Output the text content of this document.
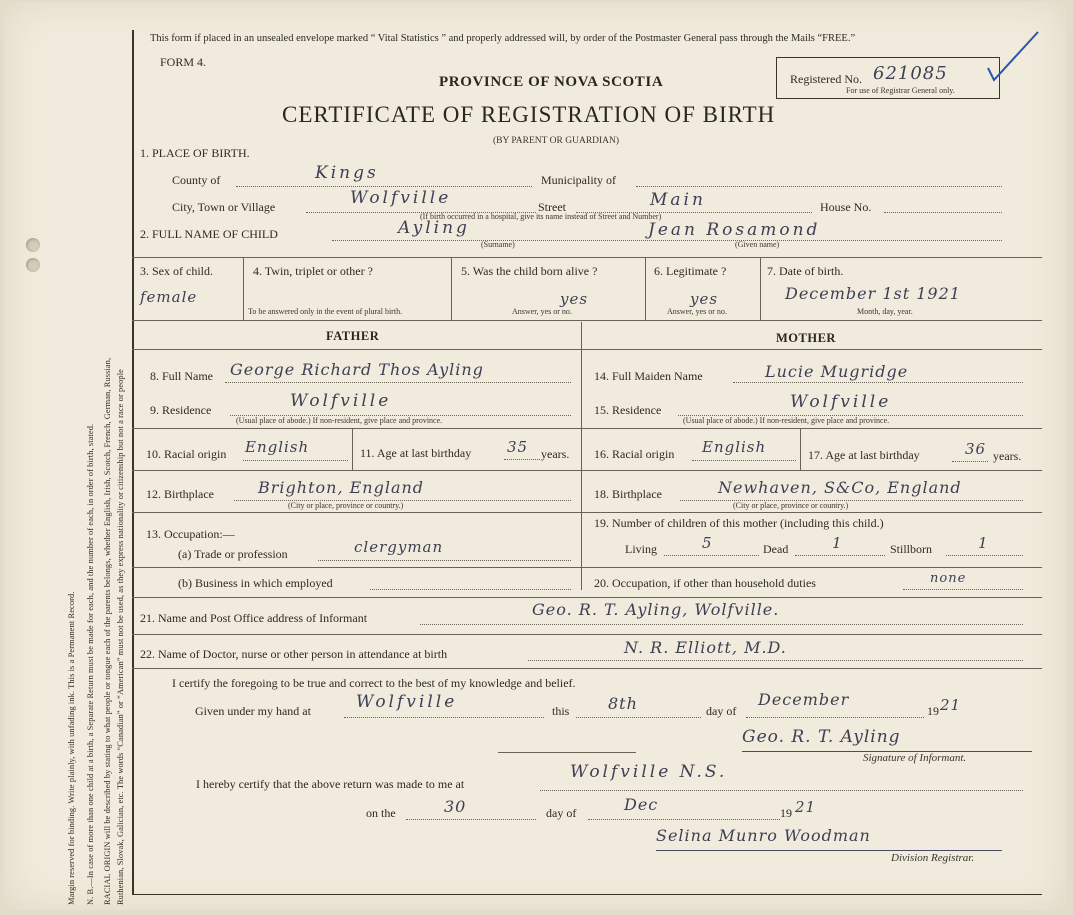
Margin reserved for binding. Write plainly, with unfading ink. This is a Permanent Record. N. B.—In case of more than one child at a birth, a Separate Return must be made for each, and the number of each, in order of birth, stated. RACIAL ORIGIN will be described by stating to what people or tongue each of the parents belongs, whether English, Irish, Scotch, French, German, Russian, Ruthenian, Slovak, Galician, etc. The words “Canadian” or “American” must not be used, as they express nationality or citizenship but not a race or people
This form if placed in an unsealed envelope marked “ Vital Statistics ” and properly addressed will, by order of the Postmaster General pass through the Mails “FREE.”
FORM 4.
PROVINCE OF NOVA SCOTIA
CERTIFICATE OF REGISTRATION OF BIRTH
(BY PARENT OR GUARDIAN)
Registered No. 621085
For use of Registrar General only.
1. PLACE OF BIRTH.
County of	Kings	Municipality of
City, Town or Village	Wolfville	Street	Main	House No.
(If birth occurred in a hospital, give its name instead of Street and Number)
2. FULL NAME OF CHILD	Ayling
(Surname)
Jean Rosamond
(Given name)
3. Sex of child.
female
4. Twin, triplet or other ?
To be answered only in the event of plural birth.
5. Was the child born alive ?
yes
Answer, yes or no.
6. Legitimate ?
yes
Answer, yes or no.
7. Date of birth.
December 1st 1921
Month, day, year.
FATHER	MOTHER
8. Full Name George Richard Thos Ayling
9. Residence	Wolfville
(Usual place of abode.) If non-resident, give place and province.
10. Racial origin English	11. Age at last birthday 35 years.
12. Birthplace	Brighton, England
(City or place, province or country.)
13. Occupation:—
(a) Trade or profession	clergyman
(b) Business in which employed
14. Full Maiden Name	Lucie Mugridge
15. Residence	Wolfville
(Usual place of abode.) If non-resident, give place and province.
16. Racial origin English	17. Age at last birthday	36 years.
18. Birthplace	Newhaven, S&Co, England
(City or place, province or country.)
19. Number of children of this mother (including this child.)
Living	5	Dead	1	Stillborn	1
20. Occupation, if other than household duties	none
21. Name and Post Office address of Informant	Geo. R. T. Ayling, Wolfville.
22. Name of Doctor, nurse or other person in attendance at birth	N. R. Elliott, M.D.
I certify the foregoing to be true and correct to the best of my knowledge and belief.
Given under my hand at	Wolfville	this 8th	day of
December
19 21
Geo. R. T. Ayling
Signature of Informant.
I hereby certify that the above return was made to me at
Wolfville N.S.
on the	30	day of	Dec	19 21
Selina Munro Woodman
Division Registrar.
